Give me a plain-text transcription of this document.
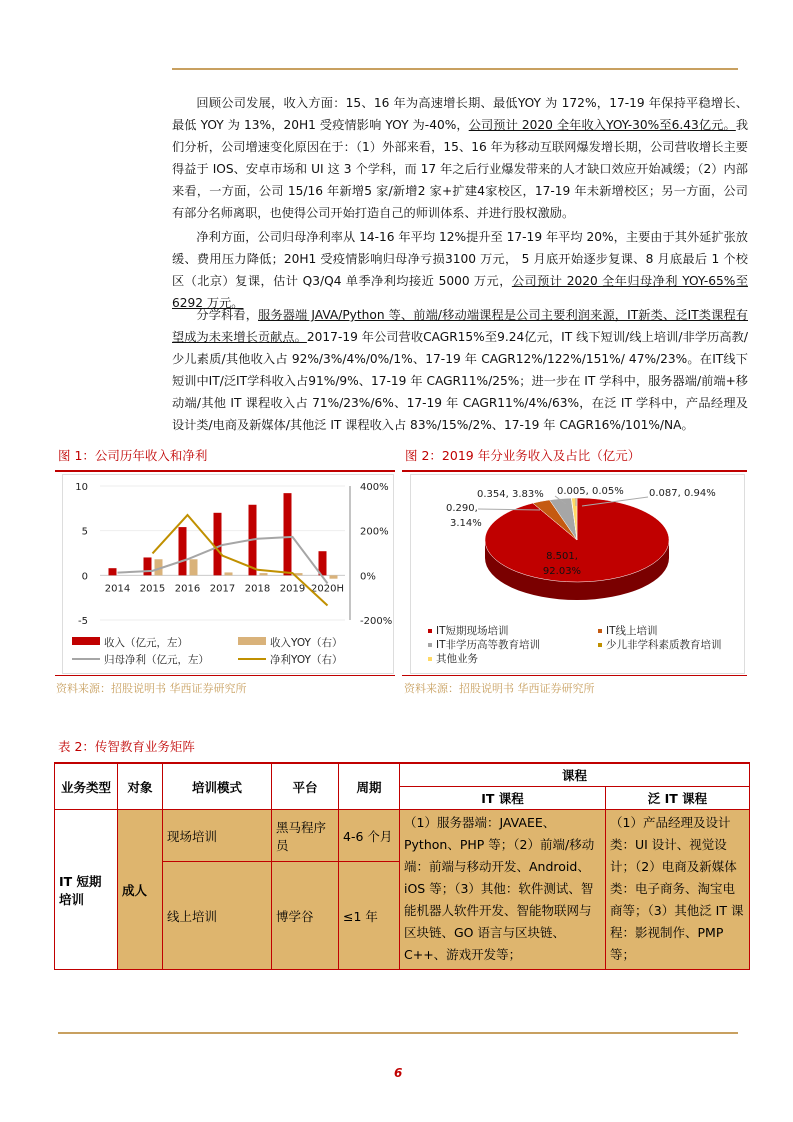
回顾公司发展，收入方面：15、16 年为高速增长期、最低YOY 为 172%，17-19 年保持平稳增长、最低 YOY 为 13%，20H1 受疫情影响 YOY 为-40%，公司预计 2020 全年收入YOY-30%至6.43亿元。我们分析，公司增速变化原因在于：（1）外部来看，15、16 年为移动互联网爆发增长期，公司营收增长主要得益于 IOS、安卓市场和 UI 这 3 个学科，而 17 年之后行业爆发带来的人才缺口效应开始减缓；（2）内部来看，一方面，公司 15/16 年新增5 家/新增2 家+扩建4家校区，17-19 年未新增校区；另一方面，公司有部分名师离职，也使得公司开始打造自己的师训体系、并进行股权激励。
净利方面，公司归母净利率从 14-16 年平均 12%提升至 17-19 年平均 20%，主要由于其外延扩张放缓、费用压力降低；20H1 受疫情影响归母净亏损3100 万元， 5 月底开始逐步复课、8 月底最后 1 个校区（北京）复课，估计 Q3/Q4 单季净利均接近 5000 万元，公司预计 2020 全年归母净利 YOY-65%至 6292 万元。
分学科看，服务器端 JAVA/Python 等、前端/移动端课程是公司主要利润来源，IT新类、泛IT类课程有望成为未来增长贡献点。2017-19 年公司营收CAGR15%至9.24亿元，IT 线下短训/线上培训/非学历高教/少儿素质/其他收入占 92%/3%/4%/0%/1%、17-19 年 CAGR12%/122%/151%/ 47%/23%。在IT线下短训中IT/泛IT学科收入占91%/9%、17-19 年 CAGR11%/25%；进一步在 IT 学科中，服务器端/前端+移动端/其他 IT 课程收入占 71%/23%/6%、17-19 年 CAGR11%/4%/63%，在泛 IT 学科中，产品经理及设计类/电商及新媒体/其他泛 IT 课程收入占 83%/15%/2%、17-19 年 CAGR16%/101%/NA。
图 1：公司历年收入和净利
10
5
0
-5
400%
200%
0%
-200%
2014 2015 2016 2017 2018 2019 2020H
收入（亿元，左）	收入YOY（右）
归母净利（亿元，左）	净利YOY（右）
资料来源：招股说明书 华西证券研究所
图 2：2019 年分业务收入及占比（亿元）
8.501,
92.03%
0.290,
3.14%
0.354, 3.83% 0.005, 0.05%	0.087, 0.94%
IT短期现场培训	IT线上培训
IT非学历高等教育培训	少儿非学科素质教育培训
其他业务
资料来源：招股说明书 华西证券研究所
表 2：传智教育业务矩阵
业务类型	对象	培训模式	平台	周期	课程	
					IT 课程	泛 IT 课程
IT 短期培训	成人	现场培训	黑马程序员	4-6 个月	（1）服务器端：JAVAEE、Python、PHP 等；（2）前端/移动端：前端与移动开发、Android、iOS 等；（3）其他：软件测试、智能机器人软件开发、智能物联网与区块链、GO 语言与区块链、C++、游戏开发等；	（1）产品经理及设计类：UI 设计、视觉设计；（2）电商及新媒体类：电子商务、淘宝电商等；（3）其他泛 IT 课程：影视制作、PMP 等；
		线上培训	博学谷	≤1 年		
6
